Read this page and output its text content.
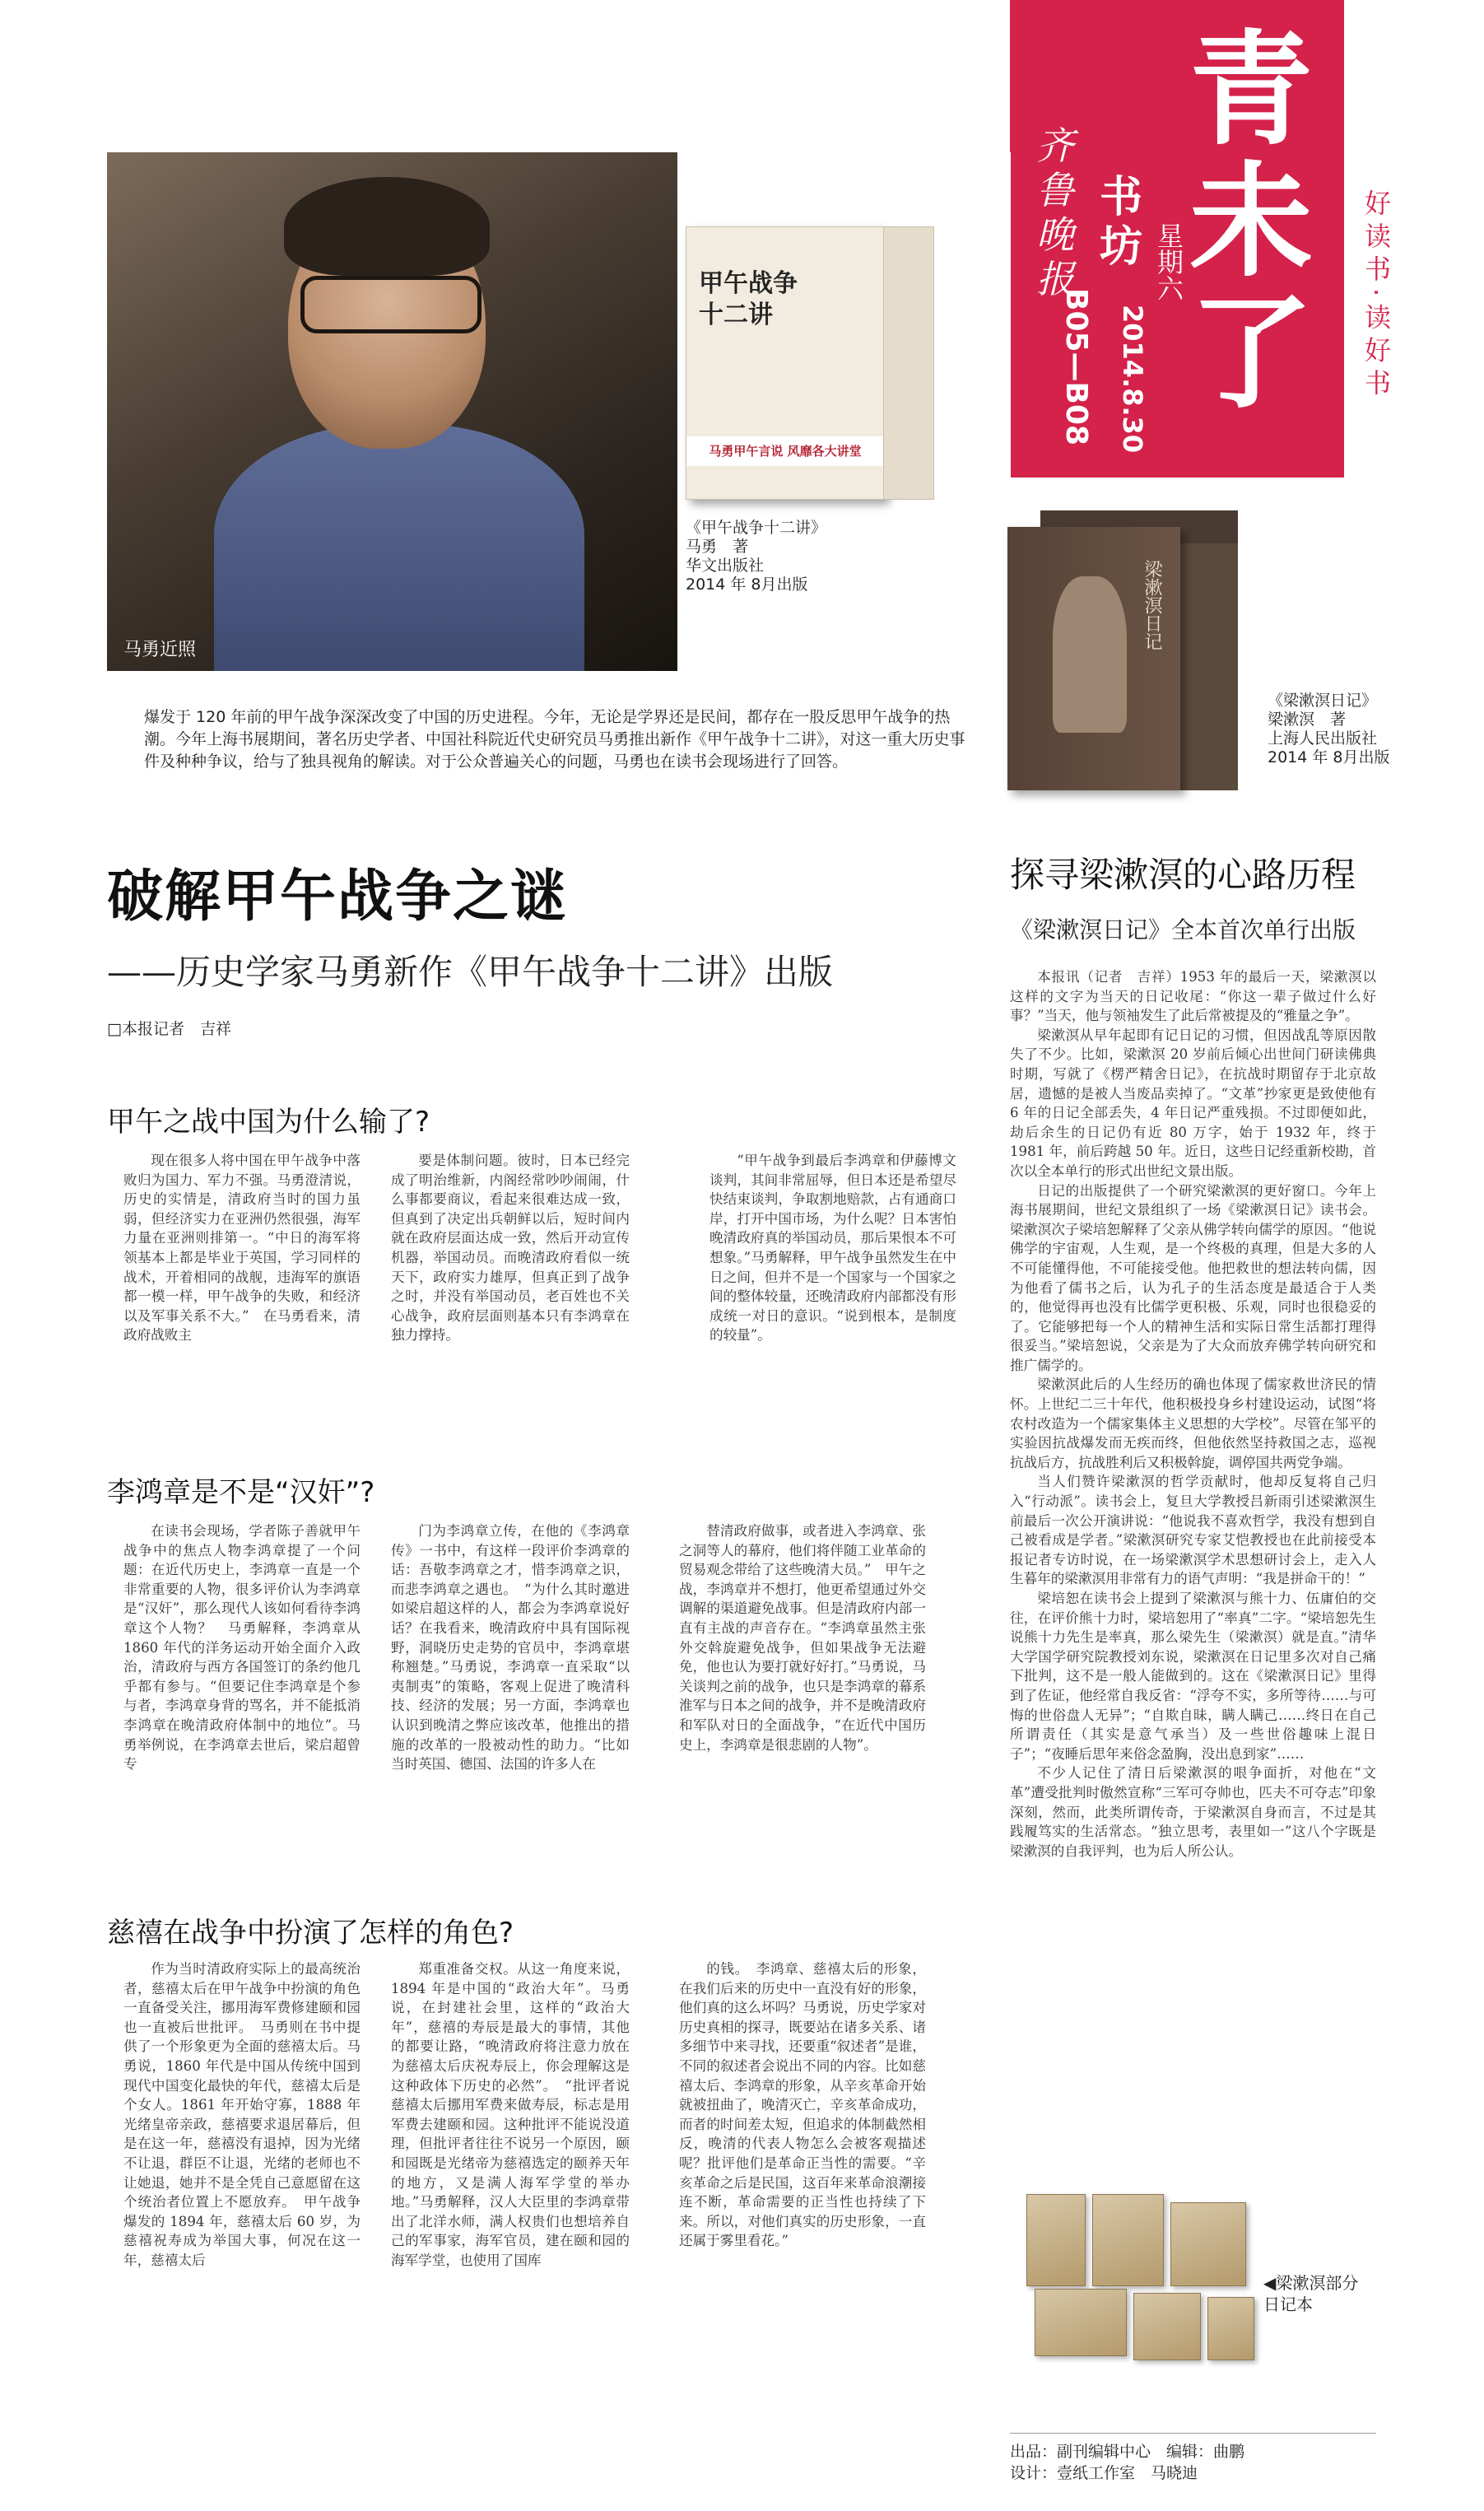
齐鲁晚报
书坊 星期六
2014.8.30
B05—B08
青未了	好读书·读好书
马勇近照
甲午战争十二讲
马勇甲午言说 风靡各大讲堂
《甲午战争十二讲》
马勇　著
华文出版社
2014 年 8月出版	梁漱溟日记
《梁漱溟日记》
梁漱溟　著
上海人民出版社
2014 年 8月出版
爆发于 120 年前的甲午战争深深改变了中国的历史进程。今年，无论是学界还是民间，都存在一股反思甲午战争的热潮。今年上海书展期间，著名历史学者、中国社科院近代史研究员马勇推出新作《甲午战争十二讲》，对这一重大历史事件及种种争议，给与了独具视角的解读。对于公众普遍关心的问题，马勇也在读书会现场进行了回答。
破解甲午战争之谜
——历史学家马勇新作《甲午战争十二讲》出版
□本报记者　吉祥
甲午之战中国为什么输了?
现在很多人将中国在甲午战争中落败归为国力、军力不强。马勇澄清说，历史的实情是，清政府当时的国力虽弱，但经济实力在亚洲仍然很强，海军力量在亚洲则排第一。“中日的海军将领基本上都是毕业于英国，学习同样的战术，开着相同的战舰，违海军的旗语都一模一样，甲午战争的失败，和经济以及军事关系不大。”　在马勇看来，清政府战败主
要是体制问题。彼时，日本已经完成了明治维新，内阁经常吵吵闹闹，什么事都要商议，看起来很难达成一致，但真到了决定出兵朝鲜以后，短时间内就在政府层面达成一致，然后开动宣传机器，举国动员。而晚清政府看似一统天下，政府实力雄厚，但真正到了战争之时，并没有举国动员，老百姓也不关心战争，政府层面则基本只有李鸿章在独力撑持。
“甲午战争到最后李鸿章和伊藤博文谈判，其间非常屈辱，但日本还是希望尽快结束谈判，争取割地赔款，占有通商口岸，打开中国市场，为什么呢？日本害怕晚清政府真的举国动员，那后果恨本不可想象。”马勇解释，甲午战争虽然发生在中日之间，但并不是一个国家与一个国家之间的整体较量，还晚清政府内部都没有形成统一对日的意识。“说到根本，是制度的较量”。
李鸿章是不是“汉奸”?
在读书会现场，学者陈子善就甲午战争中的焦点人物李鸿章提了一个问题：在近代历史上，李鸿章一直是一个非常重要的人物，很多评价认为李鸿章是“汉奸”，那么现代人该如何看待李鸿章这个人物？　马勇解释，李鸿章从 1860 年代的洋务运动开始全面介入政治，清政府与西方各国签订的条约他几乎都有参与。“但要记住李鸿章是个参与者，李鸿章身背的骂名，并不能抵消李鸿章在晚清政府体制中的地位”。马勇举例说，在李鸿章去世后，梁启超曾专
门为李鸿章立传，在他的《李鸿章传》一书中，有这样一段评价李鸿章的话：吾敬李鸿章之才，惜李鸿章之识，而悲李鸿章之遇也。　“为什么其时邀进如梁启超这样的人，都会为李鸿章说好话？在我看来，晚清政府中具有国际视野，洞晓历史走势的官员中，李鸿章堪称翘楚。”马勇说，李鸿章一直采取“以夷制夷”的策略，客观上促进了晚清科技、经济的发展；另一方面，李鸿章也认识到晚清之弊应该改革，他推出的措施的改革的一股被动性的助力。“比如当时英国、德国、法国的许多人在
替清政府做事，或者进入李鸿章、张之洞等人的幕府，他们将伴随工业革命的贸易观念带给了这些晚清大员。”　甲午之战，李鸿章并不想打，他更希望通过外交调解的渠道避免战事。但是清政府内部一直有主战的声音存在。“李鸿章虽然主张外交斡旋避免战争，但如果战争无法避免，他也认为要打就好好打。”马勇说，马关谈判之前的战争，也只是李鸿章的幕系淮军与日本之间的战争，并不是晚清政府和军队对日的全面战争，“在近代中国历史上，李鸿章是很悲剧的人物”。
慈禧在战争中扮演了怎样的角色?
作为当时清政府实际上的最高统治者，慈禧太后在甲午战争中扮演的角色一直备受关注，挪用海军费修建颐和园也一直被后世批评。　马勇则在书中提供了一个形象更为全面的慈禧太后。马勇说，1860 年代是中国从传统中国到现代中国变化最快的年代，慈禧太后是个女人。1861 年开始守寡，1888 年光绪皇帝亲政，慈禧要求退居幕后，但是在这一年，慈禧没有退掉，因为光绪不让退，群臣不让退，光绪的老师也不让她退，她并不是全凭自己意愿留在这个统治者位置上不愿放弃。　甲午战争爆发的 1894 年，慈禧太后 60 岁，为慈禧祝寿成为举国大事，何况在这一年，慈禧太后
郑重准备交权。从这一角度来说，1894 年是中国的“政治大年”。马勇说，在封建社会里，这样的“政治大年”，慈禧的寿辰是最大的事情，其他的都要让路，“晚清政府将注意力放在为慈禧太后庆祝寿辰上，你会理解这是这种政体下历史的必然”。　“批评者说慈禧太后挪用军费来做寿辰，标志是用军费去建颐和园。这种批评不能说没道理，但批评者往往不说另一个原因，颐和园既是光绪帝为慈禧选定的颐养天年的地方，又是满人海军学堂的举办地。”马勇解释，汉人大臣里的李鸿章带出了北洋水师，满人权贵们也想培养自己的军事家，海军官员，建在颐和园的海军学堂，也使用了国库
的钱。　李鸿章、慈禧太后的形象，在我们后来的历史中一直没有好的形象，他们真的这么坏吗？马勇说，历史学家对历史真相的探寻，既要站在诸多关系、诸多细节中来寻找，还要重“叙述者”是谁，不同的叙述者会说出不同的内容。比如慈禧太后、李鸿章的形象，从辛亥革命开始就被扭曲了，晚清灭亡，辛亥革命成功，而者的时间差太短，但追求的体制截然相反，晚清的代表人物怎么会被客观描述呢？批评他们是革命正当性的需要。“辛亥革命之后是民国，这百年来革命浪潮接连不断，革命需要的正当性也持续了下来。所以，对他们真实的历史形象，一直还属于雾里看花。”
探寻梁漱溟的心路历程
《梁漱溟日记》全本首次单行出版

本报讯（记者　吉祥）1953 年的最后一天，梁漱溟以这样的文字为当天的日记收尾：“你这一辈子做过什么好事？”当天，他与领袖发生了此后常被提及的“雅量之争”。

梁漱溟从早年起即有记日记的习惯，但因战乱等原因散失了不少。比如，梁漱溟 20 岁前后倾心出世间门研读佛典时期，写就了《楞严精舍日记》，在抗战时期留存于北京故居，遗憾的是被人当废品卖掉了。“文革”抄家更是致使他有 6 年的日记全部丢失，4 年日记严重残损。不过即便如此，劫后余生的日记仍有近 80 万字，始于 1932 年，终于 1981 年，前后跨越 50 年。近日，这些日记经重新校勘，首次以全本单行的形式出世纪文景出版。

日记的出版提供了一个研究梁漱溟的更好窗口。今年上海书展期间，世纪文景组织了一场《梁漱溟日记》读书会。梁漱溟次子梁培恕解释了父亲从佛学转向儒学的原因。“他说佛学的宇宙观，人生观，是一个终极的真理，但是大多的人不可能懂得他，不可能接受他。他把救世的想法转向儒，因为他看了儒书之后，认为孔子的生活态度是最适合于人类的，他觉得再也没有比儒学更积极、乐观，同时也很稳妥的了。它能够把每一个人的精神生活和实际日常生活都打理得很妥当。”梁培恕说，父亲是为了大众而放弃佛学转向研究和推广儒学的。

梁漱溟此后的人生经历的确也体现了儒家救世济民的情怀。上世纪二三十年代，他积极投身乡村建设运动，试图“将农村改造为一个儒家集体主义思想的大学校”。尽管在邹平的实验因抗战爆发而无疾而终，但他依然坚持救国之志，巡视抗战后方，抗战胜利后又积极斡旋，调停国共两党争端。

当人们赞许梁漱溟的哲学贡献时，他却反复将自己归入“行动派”。读书会上，复旦大学教授吕新雨引述梁漱溟生前最后一次公开演讲说：“他说我不喜欢哲学，我没有想到自己被看成是学者。”梁漱溟研究专家艾恺教授也在此前接受本报记者专访时说，在一场梁漱溟学术思想研讨会上，走入人生暮年的梁漱溟用非常有力的语气声明：“我是拼命干的！”

梁培恕在读书会上提到了梁漱溟与熊十力、伍庸伯的交往，在评价熊十力时，梁培恕用了“率真”二字。“梁培恕先生说熊十力先生是率真，那么梁先生（梁漱溟）就是直。”清华大学国学研究院教授刘东说，梁漱溟在日记里多次对自己痛下批判，这不是一般人能做到的。这在《梁漱溟日记》里得到了佐证，他经常自我反省：“浮夸不实，多所等待……与可悔的世俗盘人无异”；“自欺自昧，瞒人瞒己……终日在自己所谓责任（其实是意气承当）及一些世俗趣味上混日子”；“夜睡后思年来俗念盈胸，没出息到家”……

不少人记住了清日后梁漱溟的哏争面折，对他在“文革”遭受批判时傲然宣称“三军可夺帅也，匹夫不可夺志”印象深刻，然而，此类所谓传奇，于梁漱溟自身而言，不过是其践履笃实的生活常态。“独立思考，表里如一”这八个字既是梁漱溟的自我评判，也为后人所公认。

◀梁漱溟部分
日记本
出品：副刊编辑中心　编辑：曲鹏
设计：壹纸工作室　马晓迪
